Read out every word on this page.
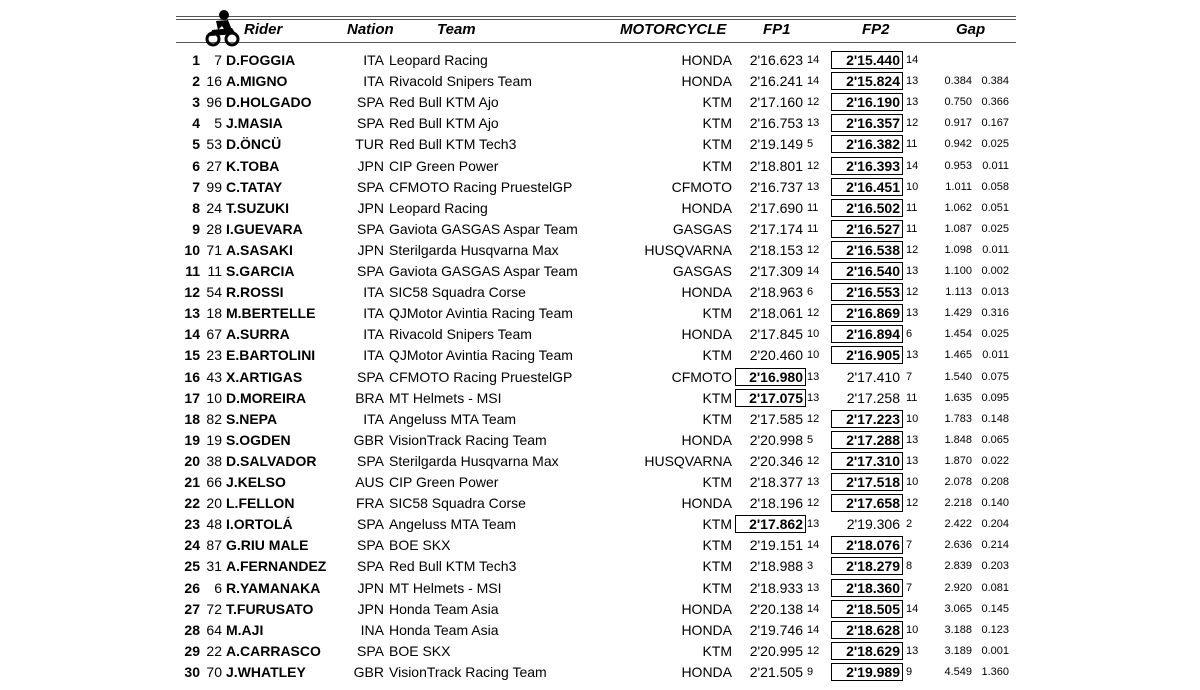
Rider	Nation	Team	MOTORCYCLE FP1	FP2	Gap
1	7 D.FOGGIA	ITA Leopard Racing	HONDA	2'16.623 14	2'15.440 14
2 16 A.MIGNO	ITA Rivacold Snipers Team	HONDA	2'16.241 14	2'15.824 13	0.384 0.384
3 96 D.HOLGADO	SPA Red Bull KTM Ajo	KTM	2'17.160 12	2'16.190 13	0.750 0.366
4	5 J.MASIA	SPA Red Bull KTM Ajo	KTM	2'16.753 13	2'16.357 12	0.917 0.167
5 53 D.ÖNCÜ	TUR Red Bull KTM Tech3	KTM	2'19.149 5	2'16.382 11	0.942 0.025
6 27 K.TOBA	JPN CIP Green Power	KTM	2'18.801 12	2'16.393 14	0.953 0.011
7 99 C.TATAY	SPA CFMOTO Racing PruestelGP	CFMOTO	2'16.737 13	2'16.451 10	1.011 0.058
8 24 T.SUZUKI	JPN Leopard Racing	HONDA	2'17.690 11	2'16.502 11	1.062 0.051
9 28 I.GUEVARA	SPA Gaviota GASGAS Aspar Team	GASGAS	2'17.174 11	2'16.527 11	1.087 0.025
10 71 A.SASAKI	JPN Sterilgarda Husqvarna Max	HUSQVARNA	2'18.153 12	2'16.538 12	1.098 0.011
11 11 S.GARCIA	SPA Gaviota GASGAS Aspar Team	GASGAS	2'17.309 14	2'16.540 13	1.100 0.002
12 54 R.ROSSI	ITA SIC58 Squadra Corse	HONDA	2'18.963 6	2'16.553 12	1.113 0.013
13 18 M.BERTELLE	ITA QJMotor Avintia Racing Team	KTM	2'18.061 12	2'16.869 13	1.429 0.316
14 67 A.SURRA	ITA Rivacold Snipers Team	HONDA	2'17.845 10	2'16.894 6	1.454 0.025
15 23 E.BARTOLINI	ITA QJMotor Avintia Racing Team	KTM	2'20.460 10	2'16.905 13	1.465 0.011
16 43 X.ARTIGAS	SPA CFMOTO Racing PruestelGP	CFMOTO	2'16.980 13	2'17.410 7	1.540 0.075
17 10 D.MOREIRA	BRA MT Helmets - MSI	KTM	2'17.075 13	2'17.258 11	1.635 0.095
18 82 S.NEPA	ITA Angeluss MTA Team	KTM	2'17.585 12	2'17.223 10	1.783 0.148
19 19 S.OGDEN	GBR VisionTrack Racing Team	HONDA	2'20.998 5	2'17.288 13	1.848 0.065
20 38 D.SALVADOR	SPA Sterilgarda Husqvarna Max	HUSQVARNA	2'20.346 12	2'17.310 13	1.870 0.022
21 66 J.KELSO	AUS CIP Green Power	KTM	2'18.377 13	2'17.518 10	2.078 0.208
22 20 L.FELLON	FRA SIC58 Squadra Corse	HONDA	2'18.196 12	2'17.658 12	2.218 0.140
23 48 I.ORTOLÁ	SPA Angeluss MTA Team	KTM	2'17.862 13	2'19.306 2	2.422 0.204
24 87 G.RIU MALE	SPA BOE SKX	KTM	2'19.151 14	2'18.076 7	2.636 0.214
25 31 A.FERNANDEZ	SPA Red Bull KTM Tech3	KTM	2'18.988 3	2'18.279 8	2.839 0.203
26	6 R.YAMANAKA	JPN MT Helmets - MSI	KTM	2'18.933 13	2'18.360 7	2.920 0.081
27 72 T.FURUSATO	JPN Honda Team Asia	HONDA	2'20.138 14	2'18.505 14	3.065 0.145
28 64 M.AJI	INA Honda Team Asia	HONDA	2'19.746 14	2'18.628 10	3.188 0.123
29 22 A.CARRASCO	SPA BOE SKX	KTM	2'20.995 12	2'18.629 13	3.189 0.001
30 70 J.WHATLEY	GBR VisionTrack Racing Team	HONDA	2'21.505 9	2'19.989 9	4.549 1.360
